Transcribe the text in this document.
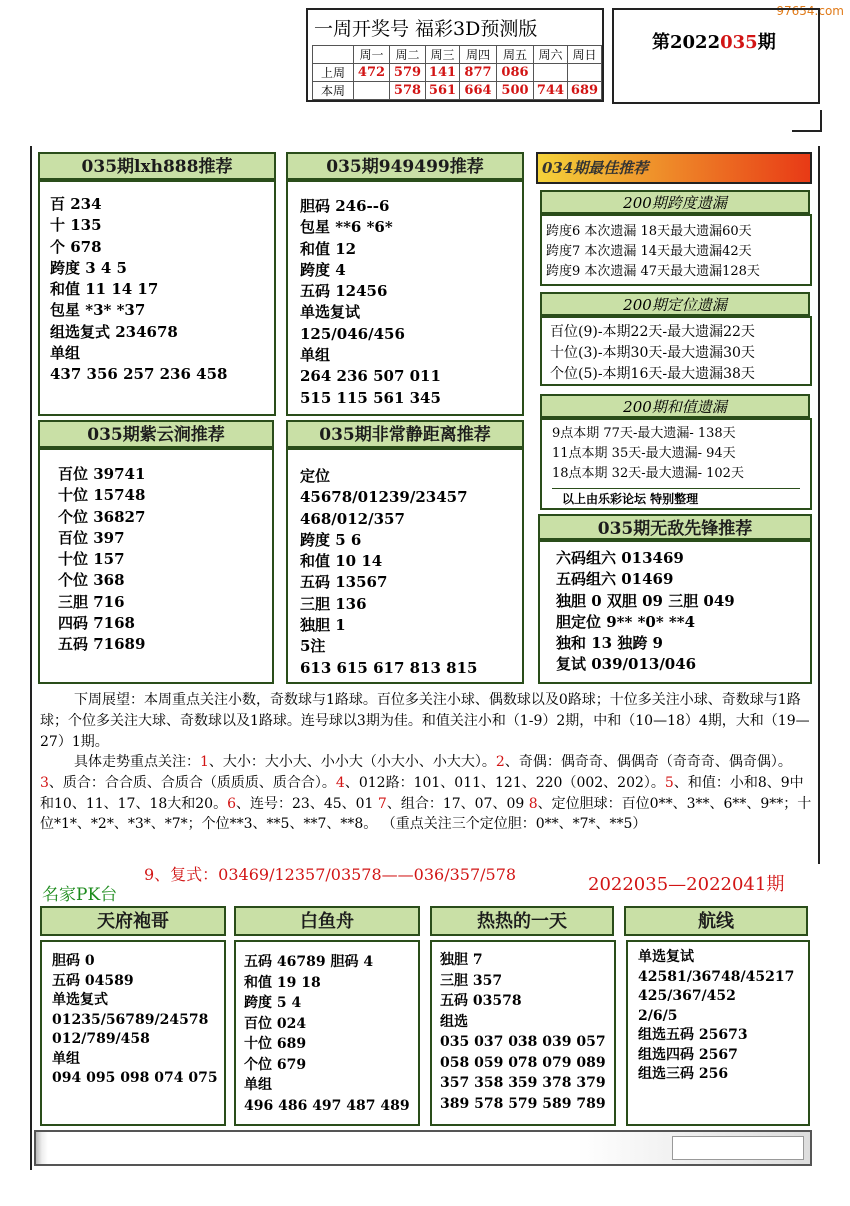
97654.com
一周开奖号 福彩3D预测版
	周一	周二	周三	周四	周五	周六	周日
上周	472	579	141	877	086		
本周		578	561	664	500	744	689
第2022035期
035期lxh888推荐
百 234
十 135
个 678
跨度 3 4 5
和值 11 14 17
包星 *3* *37
组选复式 234678
单组
437 356 257 236 458
035期949499推荐
胆码 246--6
包星 **6 *6*
和值 12
跨度 4
五码 12456
单选复试
125/046/456
单组
264 236 507 011
515 115 561 345
035期紫云涧推荐
百位 39741
十位 15748
个位 36827
百位 397
十位 157
个位 368
三胆 716
四码 7168
五码 71689
035期非常静距离推荐
定位
45678/01239/23457
468/012/357
跨度 5 6
和值 10 14
五码 13567
三胆 136
独胆 1
5注
613 615 617 813 815
034期最佳推荐
200期跨度遗漏
跨度6 本次遗漏 18天最大遗漏60天
跨度7 本次遗漏 14天最大遗漏42天
跨度9 本次遗漏 47天最大遗漏128天
200期定位遗漏
百位(9)-本期22天-最大遗漏22天
十位(3)-本期30天-最大遗漏30天
个位(5)-本期16天-最大遗漏38天
200期和值遗漏
9点本期 77天-最大遗漏- 138天
11点本期 35天-最大遗漏- 94天
18点本期 32天-最大遗漏- 102天
以上由乐彩论坛 特别整理
035期无敌先锋推荐
六码组六 013469
五码组六 01469
独胆 0 双胆 09 三胆 049
胆定位 9** *0* **4
独和 13 独跨 9
复试 039/013/046
下周展望：本周重点关注小数，奇数球与1路球。百位多关注小球、偶数球以及0路球；十位多关注小球、奇数球与1路球；个位多关注大球、奇数球以及1路球。连号球以3期为佳。和值关注小和（1-9）2期，中和（10—18）4期，大和（19—27）1期。
具体走势重点关注：1、大小：大小大、小小大（小大小、小大大）。2、奇偶：偶奇奇、偶偶奇（奇奇奇、偶奇偶）。3、质合：合合质、合质合（质质质、质合合）。4、012路：101、011、121、220（002、202）。5、和值：小和8、9中和10、11、17、18大和20。6、连号：23、45、01 7、组合：17、07、09 8、定位胆球：百位0**、3**、6**、9**；十位*1*、*2*、*3*、*7*；个位**3、**5、**7、**8。 （重点关注三个定位胆：0**、*7*、**5）
9、复式：03469/12357/03578——036/357/578
名家PK台	2022035—2022041期
天府袍哥
胆码 0
五码 04589
单选复式
01235/56789/24578
012/789/458
单组
094 095 098 074 075
白鱼舟
五码 46789 胆码 4
和值 19 18
跨度 5 4
百位 024
十位 689
个位 679
单组
496 486 497 487 489
热热的一天
独胆 7
三胆 357
五码 03578
组选
035 037 038 039 057
058 059 078 079 089
357 358 359 378 379
389 578 579 589 789
航线
单选复试
42581/36748/45217
425/367/452
2/6/5
组选五码 25673
组选四码 2567
组选三码 256
